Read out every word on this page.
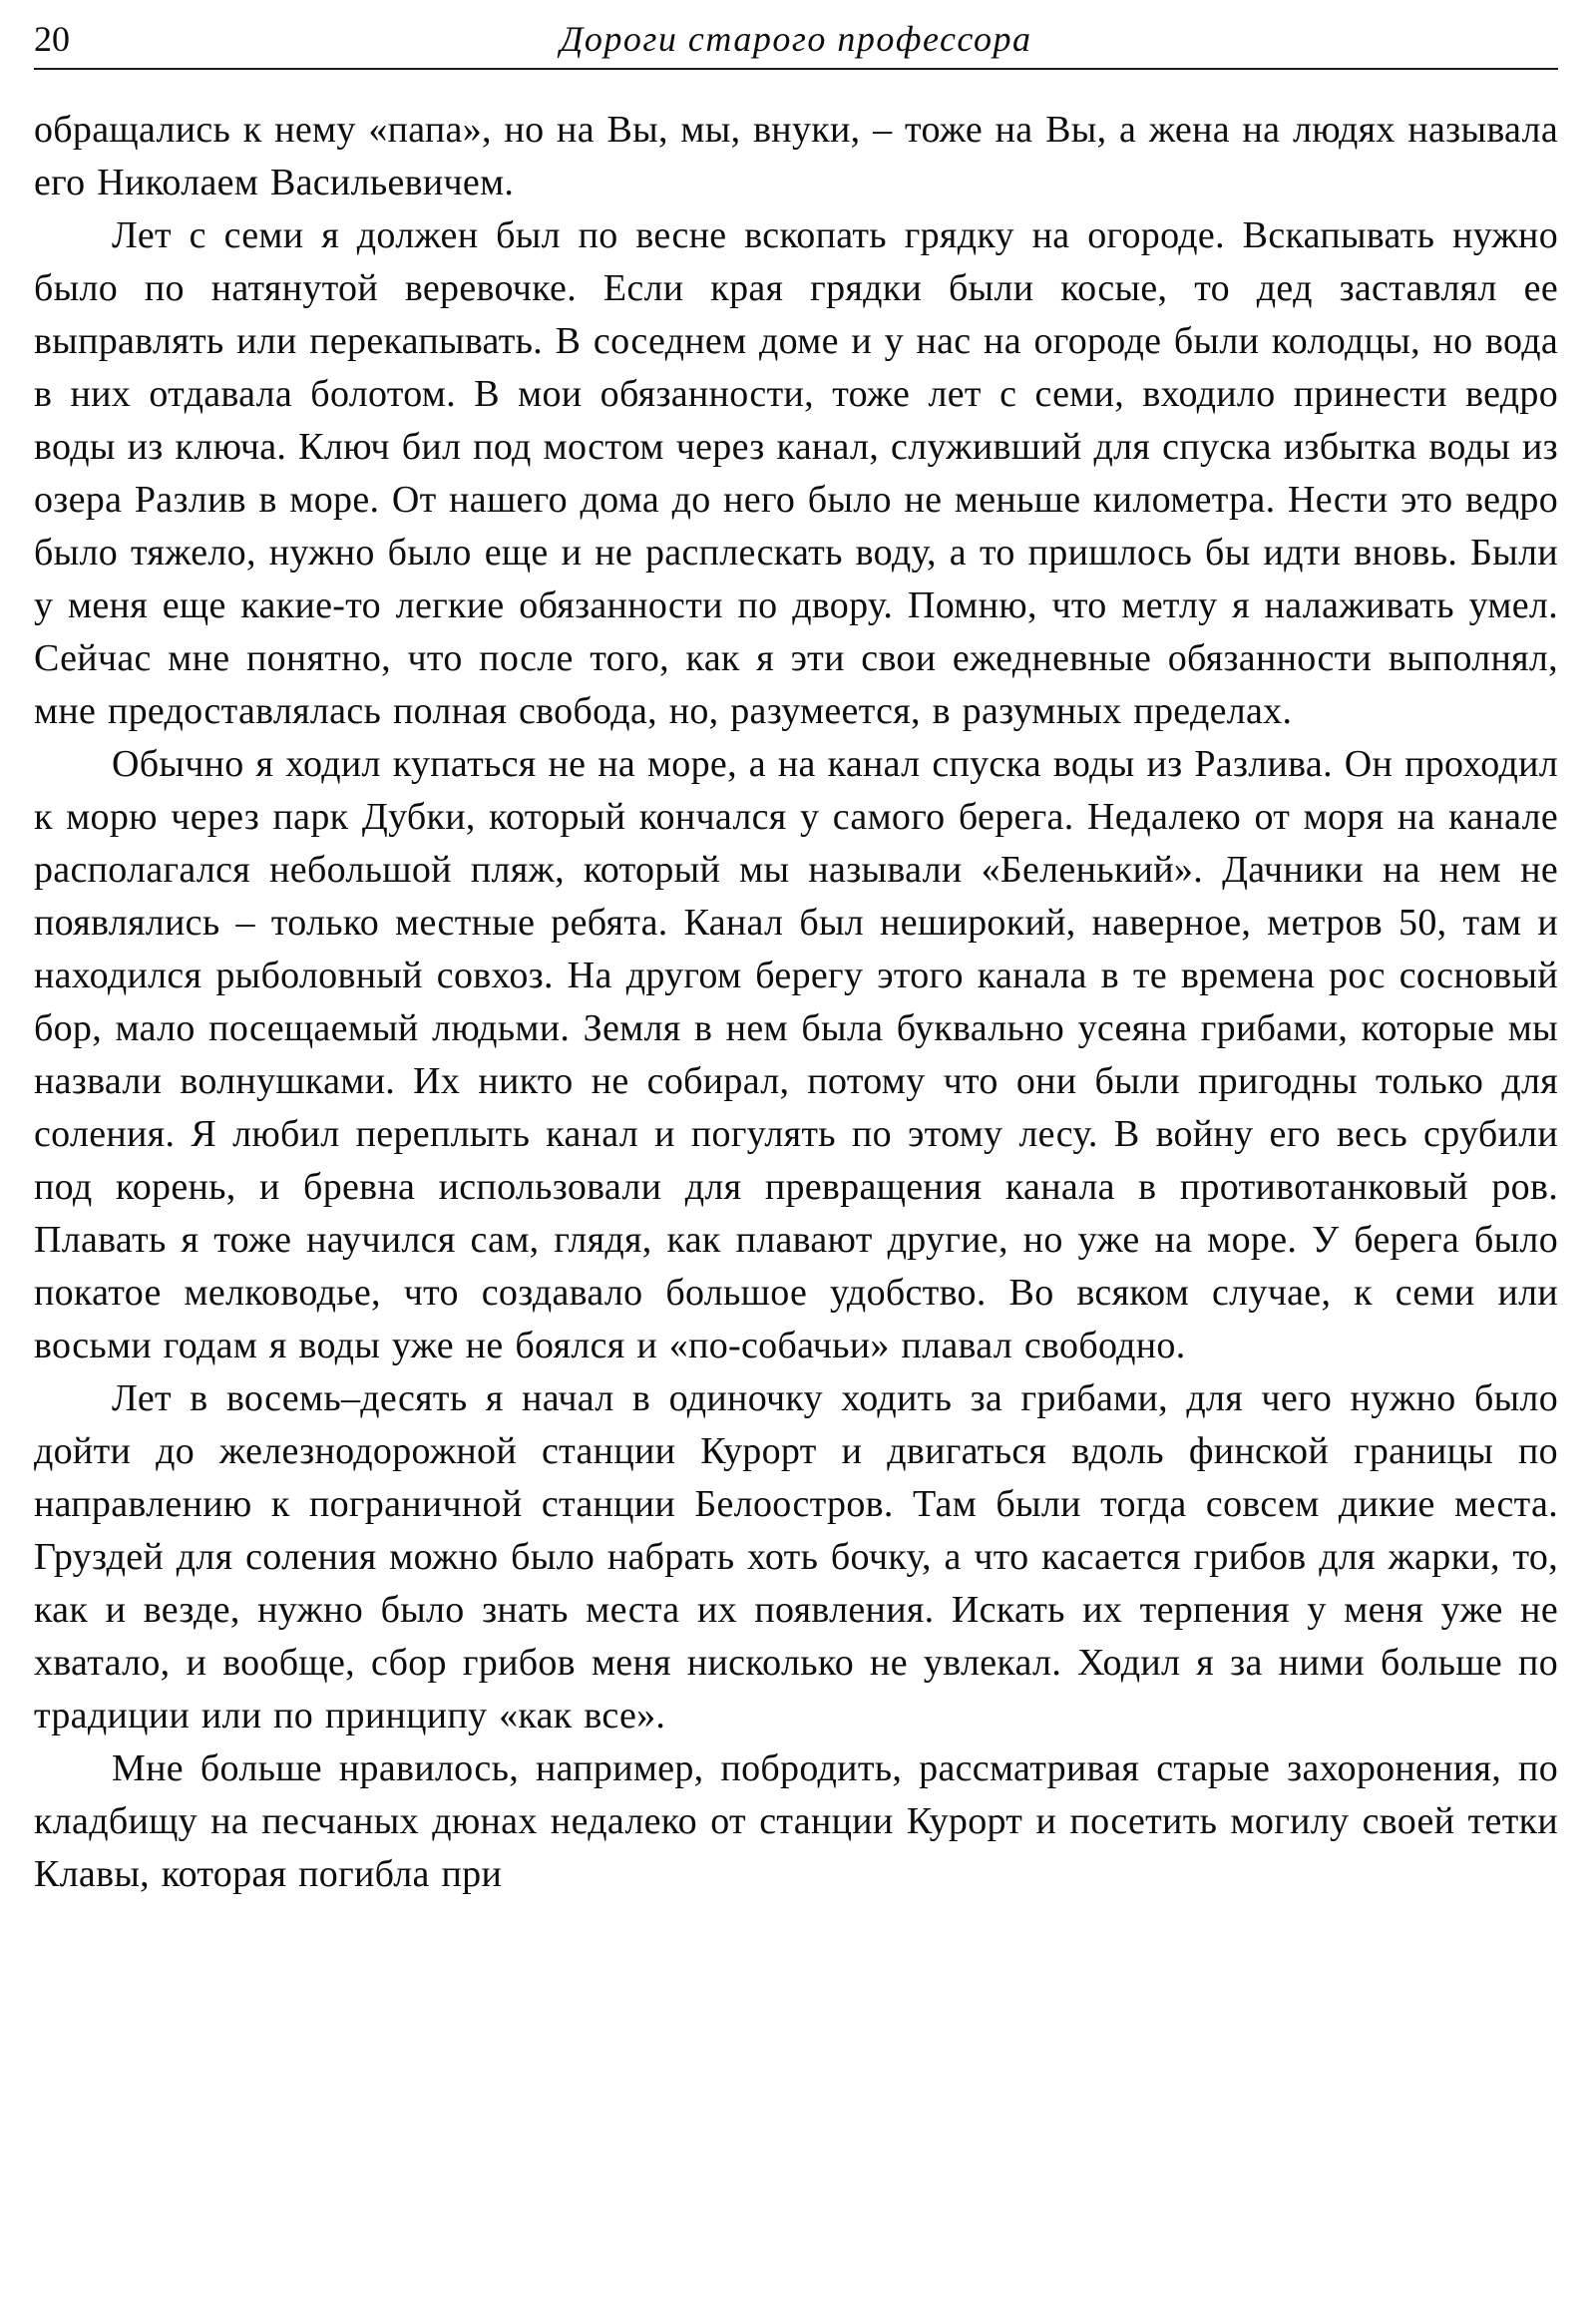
20	Дороги старого профессора

обращались к нему «папа», но на Вы, мы, внуки, – тоже на Вы, а жена на людях называла его Николаем Васильевичем.

Лет с семи я должен был по весне вскопать грядку на огороде. Вскапывать нужно было по натянутой веревочке. Если края грядки были косые, то дед заставлял ее выправлять или перекапывать. В соседнем доме и у нас на огороде были колодцы, но вода в них отдавала болотом. В мои обязанности, тоже лет с семи, входило принести ведро воды из ключа. Ключ бил под мостом через канал, служивший для спуска избытка воды из озера Разлив в море. От нашего дома до него было не меньше километра. Нести это ведро было тяжело, нужно было еще и не расплескать воду, а то пришлось бы идти вновь. Были у меня еще какие-то легкие обязанности по двору. Помню, что метлу я налаживать умел. Сейчас мне понятно, что после того, как я эти свои ежедневные обязанности выполнял, мне предоставлялась полная свобода, но, разумеется, в разумных пределах.

Обычно я ходил купаться не на море, а на канал спуска воды из Разлива. Он проходил к морю через парк Дубки, который кончался у самого берега. Недалеко от моря на канале располагался небольшой пляж, который мы называли «Беленький». Дачники на нем не появлялись – только местные ребята. Канал был неширокий, наверное, метров 50, там и находился рыболовный совхоз. На другом берегу этого канала в те времена рос сосновый бор, мало посещаемый людьми. Земля в нем была буквально усеяна грибами, которые мы назвали волнушками. Их никто не собирал, потому что они были пригодны только для соления. Я любил переплыть канал и погулять по этому лесу. В войну его весь срубили под корень, и бревна использовали для превращения канала в противотанковый ров. Плавать я тоже научился сам, глядя, как плавают другие, но уже на море. У берега было покатое мелководье, что создавало большое удобство. Во всяком случае, к семи или восьми годам я воды уже не боялся и «по-собачьи» плавал свободно.

Лет в восемь–десять я начал в одиночку ходить за грибами, для чего нужно было дойти до железнодорожной станции Курорт и двигаться вдоль финской границы по направлению к пограничной станции Белоостров. Там были тогда совсем дикие места. Груздей для соления можно было набрать хоть бочку, а что касается грибов для жарки, то, как и везде, нужно было знать места их появления. Искать их терпения у меня уже не хватало, и вообще, сбор грибов меня нисколько не увлекал. Ходил я за ними больше по традиции или по принципу «как все».

Мне больше нравилось, например, побродить, рассматривая старые захоронения, по кладбищу на песчаных дюнах недалеко от станции Курорт и посетить могилу своей тетки Клавы, которая погибла при
